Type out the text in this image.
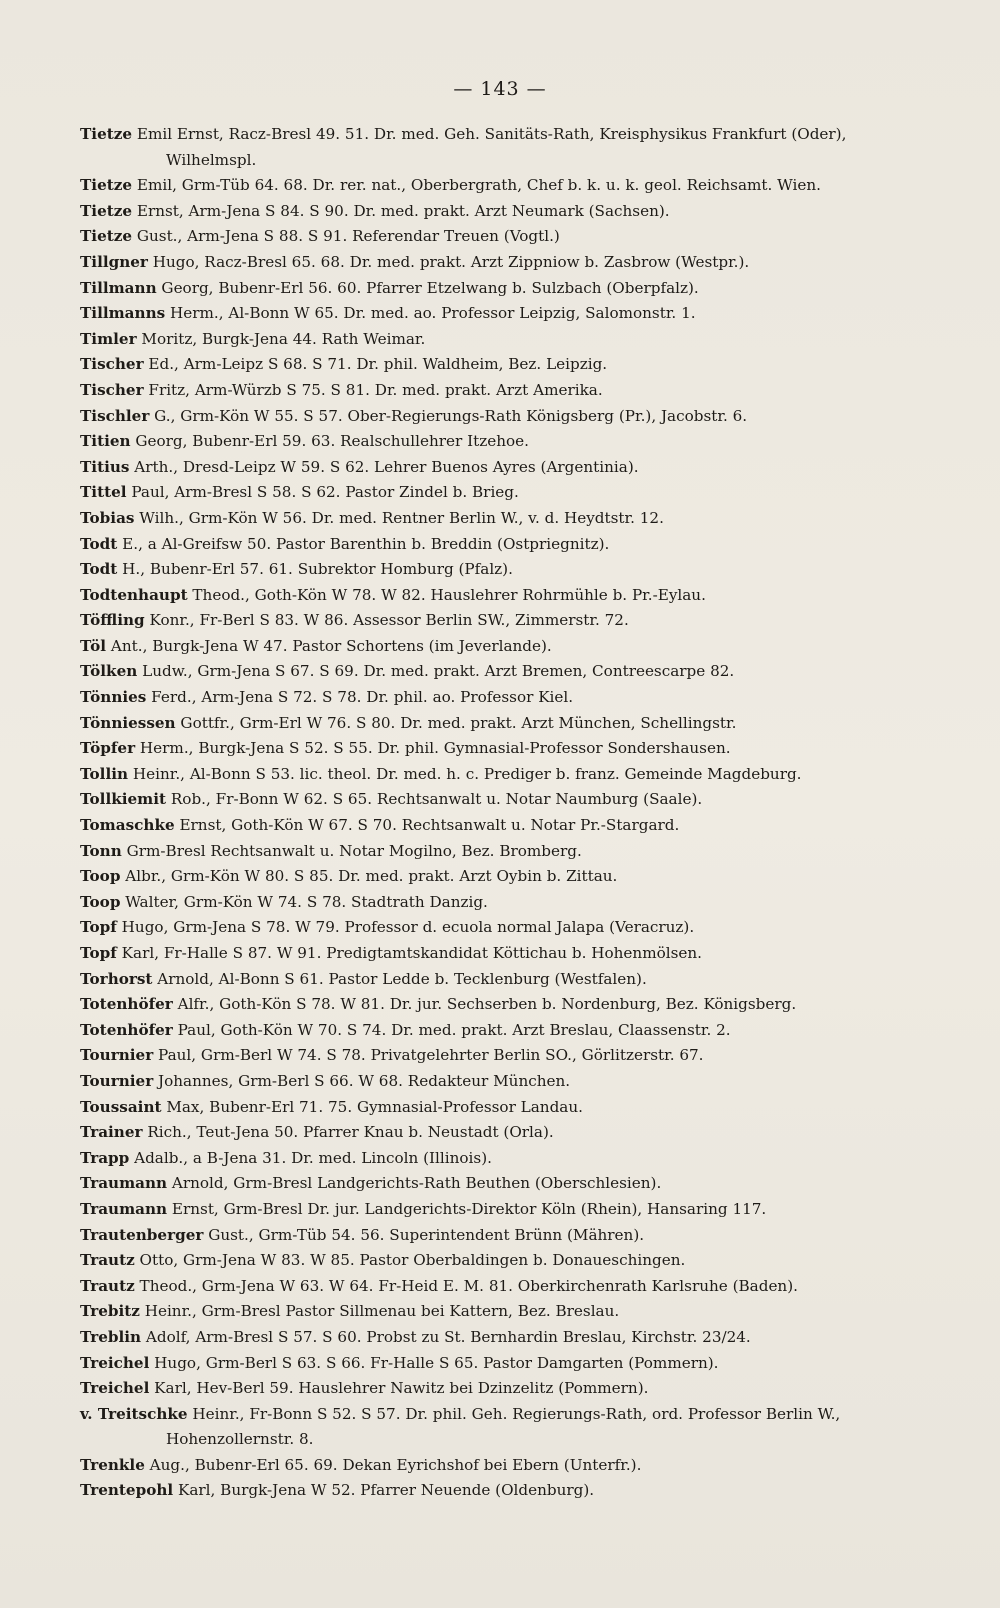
— 143 —
Tietze Emil Ernst, Racz-Bresl 49. 51. Dr. med. Geh. Sanitäts-Rath, Kreisphysikus Frankfurt (Oder), Wilhelmspl.
Tietze Emil, Grm-Tüb 64. 68. Dr. rer. nat., Oberbergrath, Chef b. k. u. k. geol. Reichsamt. Wien.
Tietze Ernst, Arm-Jena S 84. S 90. Dr. med. prakt. Arzt Neumark (Sachsen).
Tietze Gust., Arm-Jena S 88. S 91. Referendar Treuen (Vogtl.)
Tillgner Hugo, Racz-Bresl 65. 68. Dr. med. prakt. Arzt Zippniow b. Zasbrow (Westpr.).
Tillmann Georg, Bubenr-Erl 56. 60. Pfarrer Etzelwang b. Sulzbach (Oberpfalz).
Tillmanns Herm., Al-Bonn W 65. Dr. med. ao. Professor Leipzig, Salomonstr. 1.
Timler Moritz, Burgk-Jena 44. Rath Weimar.
Tischer Ed., Arm-Leipz S 68. S 71. Dr. phil. Waldheim, Bez. Leipzig.
Tischer Fritz, Arm-Würzb S 75. S 81. Dr. med. prakt. Arzt Amerika.
Tischler G., Grm-Kön W 55. S 57. Ober-Regierungs-Rath Königsberg (Pr.), Jacobstr. 6.
Titien Georg, Bubenr-Erl 59. 63. Realschullehrer Itzehoe.
Titius Arth., Dresd-Leipz W 59. S 62. Lehrer Buenos Ayres (Argentinia).
Tittel Paul, Arm-Bresl S 58. S 62. Pastor Zindel b. Brieg.
Tobias Wilh., Grm-Kön W 56. Dr. med. Rentner Berlin W., v. d. Heydtstr. 12.
Todt E., a Al-Greifsw 50. Pastor Barenthin b. Breddin (Ostpriegnitz).
Todt H., Bubenr-Erl 57. 61. Subrektor Homburg (Pfalz).
Todtenhaupt Theod., Goth-Kön W 78. W 82. Hauslehrer Rohrmühle b. Pr.-Eylau.
Töffling Konr., Fr-Berl S 83. W 86. Assessor Berlin SW., Zimmerstr. 72.
Töl Ant., Burgk-Jena W 47. Pastor Schortens (im Jeverlande).
Tölken Ludw., Grm-Jena S 67. S 69. Dr. med. prakt. Arzt Bremen, Contreescarpe 82.
Tönnies Ferd., Arm-Jena S 72. S 78. Dr. phil. ao. Professor Kiel.
Tönniessen Gottfr., Grm-Erl W 76. S 80. Dr. med. prakt. Arzt München, Schellingstr.
Töpfer Herm., Burgk-Jena S 52. S 55. Dr. phil. Gymnasial-Professor Sondershausen.
Tollin Heinr., Al-Bonn S 53. lic. theol. Dr. med. h. c. Prediger b. franz. Gemeinde Magdeburg.
Tollkiemit Rob., Fr-Bonn W 62. S 65. Rechtsanwalt u. Notar Naumburg (Saale).
Tomaschke Ernst, Goth-Kön W 67. S 70. Rechtsanwalt u. Notar Pr.-Stargard.
Tonn Grm-Bresl Rechtsanwalt u. Notar Mogilno, Bez. Bromberg.
Toop Albr., Grm-Kön W 80. S 85. Dr. med. prakt. Arzt Oybin b. Zittau.
Toop Walter, Grm-Kön W 74. S 78. Stadtrath Danzig.
Topf Hugo, Grm-Jena S 78. W 79. Professor d. ecuola normal Jalapa (Veracruz).
Topf Karl, Fr-Halle S 87. W 91. Predigtamtskandidat Köttichau b. Hohenmölsen.
Torhorst Arnold, Al-Bonn S 61. Pastor Ledde b. Tecklenburg (Westfalen).
Totenhöfer Alfr., Goth-Kön S 78. W 81. Dr. jur. Sechserben b. Nordenburg, Bez. Königsberg.
Totenhöfer Paul, Goth-Kön W 70. S 74. Dr. med. prakt. Arzt Breslau, Claassenstr. 2.
Tournier Paul, Grm-Berl W 74. S 78. Privatgelehrter Berlin SO., Görlitzerstr. 67.
Tournier Johannes, Grm-Berl S 66. W 68. Redakteur München.
Toussaint Max, Bubenr-Erl 71. 75. Gymnasial-Professor Landau.
Trainer Rich., Teut-Jena 50. Pfarrer Knau b. Neustadt (Orla).
Trapp Adalb., a B-Jena 31. Dr. med. Lincoln (Illinois).
Traumann Arnold, Grm-Bresl Landgerichts-Rath Beuthen (Oberschlesien).
Traumann Ernst, Grm-Bresl Dr. jur. Landgerichts-Direktor Köln (Rhein), Hansaring 117.
Trautenberger Gust., Grm-Tüb 54. 56. Superintendent Brünn (Mähren).
Trautz Otto, Grm-Jena W 83. W 85. Pastor Oberbaldingen b. Donaueschingen.
Trautz Theod., Grm-Jena W 63. W 64. Fr-Heid E. M. 81. Oberkirchenrath Karlsruhe (Baden).
Trebitz Heinr., Grm-Bresl Pastor Sillmenau bei Kattern, Bez. Breslau.
Treblin Adolf, Arm-Bresl S 57. S 60. Probst zu St. Bernhardin Breslau, Kirchstr. 23/24.
Treichel Hugo, Grm-Berl S 63. S 66. Fr-Halle S 65. Pastor Damgarten (Pommern).
Treichel Karl, Hev-Berl 59. Hauslehrer Nawitz bei Dzinzelitz (Pommern).
v. Treitschke Heinr., Fr-Bonn S 52. S 57. Dr. phil. Geh. Regierungs-Rath, ord. Professor Berlin W., Hohenzollernstr. 8.
Trenkle Aug., Bubenr-Erl 65. 69. Dekan Eyrichshof bei Ebern (Unterfr.).
Trentepohl Karl, Burgk-Jena W 52. Pfarrer Neuende (Oldenburg).
